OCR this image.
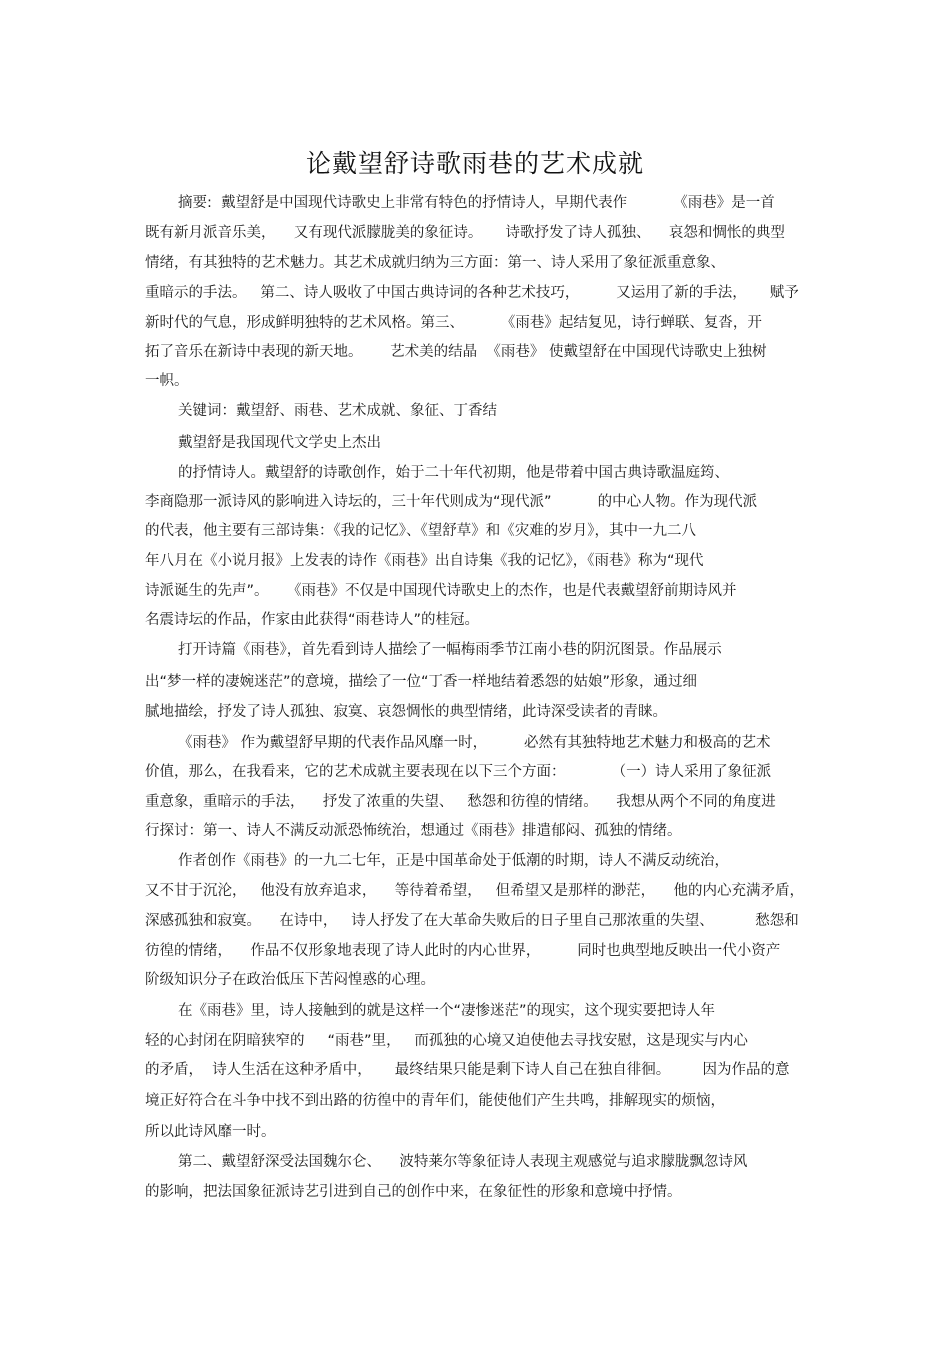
论戴望舒诗歌雨巷的艺术成就
摘要:  戴望舒是中国现代诗歌史上非常有特色的抒情诗人，早期代表作          《雨巷》是一首
既有新月派音乐美，    又有现代派朦胧美的象征诗。     诗歌抒发了诗人孤独、    哀怨和惆怅的典型
情绪，有其独特的艺术魅力。其艺术成就归纳为三方面：第一、诗人采用了象征派重意象、
重暗示的手法。   第二、诗人吸收了中国古典诗词的各种艺术技巧，        又运用了新的手法，     赋予
新时代的气息，形成鲜明独特的艺术风格。第三、        《雨巷》起结复见，诗行蝉联、复沓，开
拓了音乐在新诗中表现的新天地。      艺术美的结晶  《雨巷》 使戴望舒在中国现代诗歌史上独树
一帜。
关键词：戴望舒、雨巷、艺术成就、象征、丁香结
戴望舒是我国现代文学史上杰出
的抒情诗人。戴望舒的诗歌创作，始于二十年代初期，他是带着中国古典诗歌温庭筠、
李商隐那一派诗风的影响进入诗坛的，三十年代则成为“现代派”          的中心人物。作为现代派
的代表，他主要有三部诗集：《我的记忆》、《望舒草》和《灾难的岁月》，其中一九二八
年八月在《小说月报》上发表的诗作《雨巷》出自诗集《我的记忆》，《雨巷》称为“现代
诗派诞生的先声”。    《雨巷》不仅是中国现代诗歌史上的杰作，也是代表戴望舒前期诗风并
名震诗坛的作品，作家由此获得“雨巷诗人”的桂冠。
打开诗篇《雨巷》，首先看到诗人描绘了一幅梅雨季节江南小巷的阴沉图景。作品展示
出“梦一样的凄婉迷茫”的意境，描绘了一位“丁香一样地结着悉怨的姑娘”形象，通过细
腻地描绘，抒发了诗人孤独、寂寞、哀怨惆怅的典型情绪，此诗深受读者的青睐。
《雨巷》 作为戴望舒早期的代表作品风靡一时，        必然有其独特地艺术魅力和极高的艺术
价值，那么，在我看来，它的艺术成就主要表现在以下三个方面：          （一）诗人采用了象征派
重意象，重暗示的手法，    抒发了浓重的失望、   愁怨和彷徨的情绪。    我想从两个不同的角度进
行探讨：第一、诗人不满反动派恐怖统治，想通过《雨巷》排遣郁闷、孤独的情绪。
作者创作《雨巷》的一九二七年，正是中国革命处于低潮的时期，诗人不满反动统治，
又不甘于沉沦，   他没有放弃追求，    等待着希望，   但希望又是那样的渺茫，    他的内心充满矛盾，
深感孤独和寂寞。    在诗中，   诗人抒发了在大革命失败后的日子里自己那浓重的失望、         愁怨和
彷徨的情绪，    作品不仅形象地表现了诗人此时的内心世界，        同时也典型地反映出一代小资产
阶级知识分子在政治低压下苦闷惶惑的心理。
在《雨巷》里，诗人接触到的就是这样一个“凄惨迷茫”的现实，这个现实要把诗人年
轻的心封闭在阴暗狭窄的     “雨巷”里，   而孤独的心境又迫使他去寻找安慰，这是现实与内心
的矛盾，  诗人生活在这种矛盾中，     最终结果只能是剩下诗人自己在独自徘徊。       因为作品的意
境正好符合在斗争中找不到出路的彷徨中的青年们，能使他们产生共鸣，排解现实的烦恼，
所以此诗风靡一时。
第二、戴望舒深受法国魏尔仑、    波特莱尔等象征诗人表现主观感觉与追求朦胧飘忽诗风
的影响，把法国象征派诗艺引进到自己的创作中来，在象征性的形象和意境中抒情。
